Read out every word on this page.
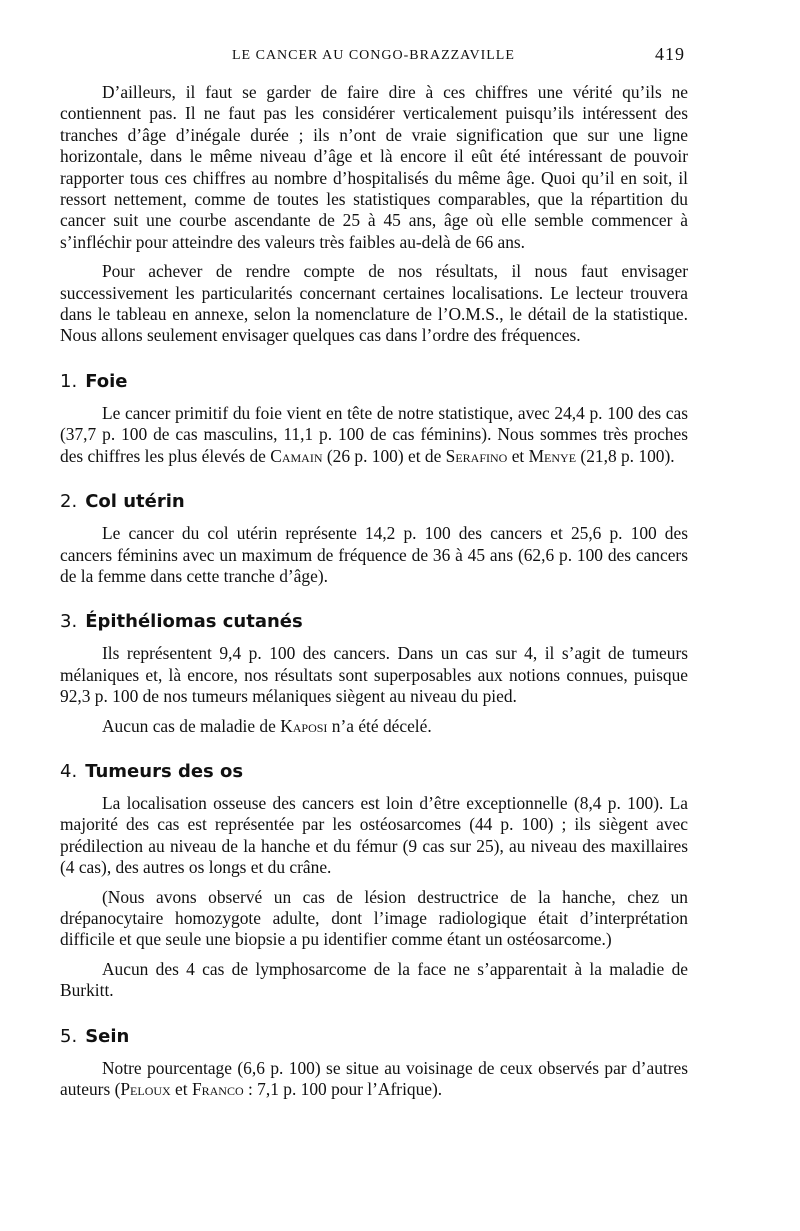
LE CANCER AU CONGO-BRAZZAVILLE	419

D’ailleurs, il faut se garder de faire dire à ces chiffres une vérité qu’ils ne contiennent pas. Il ne faut pas les considérer verticalement puisqu’ils intéressent des tranches d’âge d’inégale durée ; ils n’ont de vraie signification que sur une ligne horizontale, dans le même niveau d’âge et là encore il eût été intéressant de pouvoir rapporter tous ces chiffres au nombre d’hospitalisés du même âge. Quoi qu’il en soit, il ressort nettement, comme de toutes les statistiques comparables, que la répartition du cancer suit une courbe ascendante de 25 à 45 ans, âge où elle semble commencer à s’infléchir pour atteindre des valeurs très faibles au-delà de 66 ans.

Pour achever de rendre compte de nos résultats, il nous faut envisager successivement les particularités concernant certaines localisations. Le lecteur trouvera dans le tableau en annexe, selon la nomenclature de l’O.M.S., le détail de la statistique. Nous allons seulement envisager quelques cas dans l’ordre des fréquences.

1. Foie

Le cancer primitif du foie vient en tête de notre statistique, avec 24,4 p. 100 des cas (37,7 p. 100 de cas masculins, 11,1 p. 100 de cas féminins). Nous sommes très proches des chiffres les plus élevés de Camain (26 p. 100) et de Serafino et Menye (21,8 p. 100).

2. Col utérin

Le cancer du col utérin représente 14,2 p. 100 des cancers et 25,6 p. 100 des cancers féminins avec un maximum de fréquence de 36 à 45 ans (62,6 p. 100 des cancers de la femme dans cette tranche d’âge).

3. Épithéliomas cutanés

Ils représentent 9,4 p. 100 des cancers. Dans un cas sur 4, il s’agit de tumeurs mélaniques et, là encore, nos résultats sont superposables aux notions connues, puisque 92,3 p. 100 de nos tumeurs mélaniques siègent au niveau du pied.

Aucun cas de maladie de Kaposi n’a été décelé.

4. Tumeurs des os

La localisation osseuse des cancers est loin d’être exceptionnelle (8,4 p. 100). La majorité des cas est représentée par les ostéosarcomes (44 p. 100) ; ils siègent avec prédilection au niveau de la hanche et du fémur (9 cas sur 25), au niveau des maxillaires (4 cas), des autres os longs et du crâne.

(Nous avons observé un cas de lésion destructrice de la hanche, chez un drépanocytaire homozygote adulte, dont l’image radiologique était d’interprétation difficile et que seule une biopsie a pu identifier comme étant un ostéosarcome.)

Aucun des 4 cas de lymphosarcome de la face ne s’apparentait à la maladie de Burkitt.

5. Sein

Notre pourcentage (6,6 p. 100) se situe au voisinage de ceux observés par d’autres auteurs (Peloux et Franco : 7,1 p. 100 pour l’Afrique).
